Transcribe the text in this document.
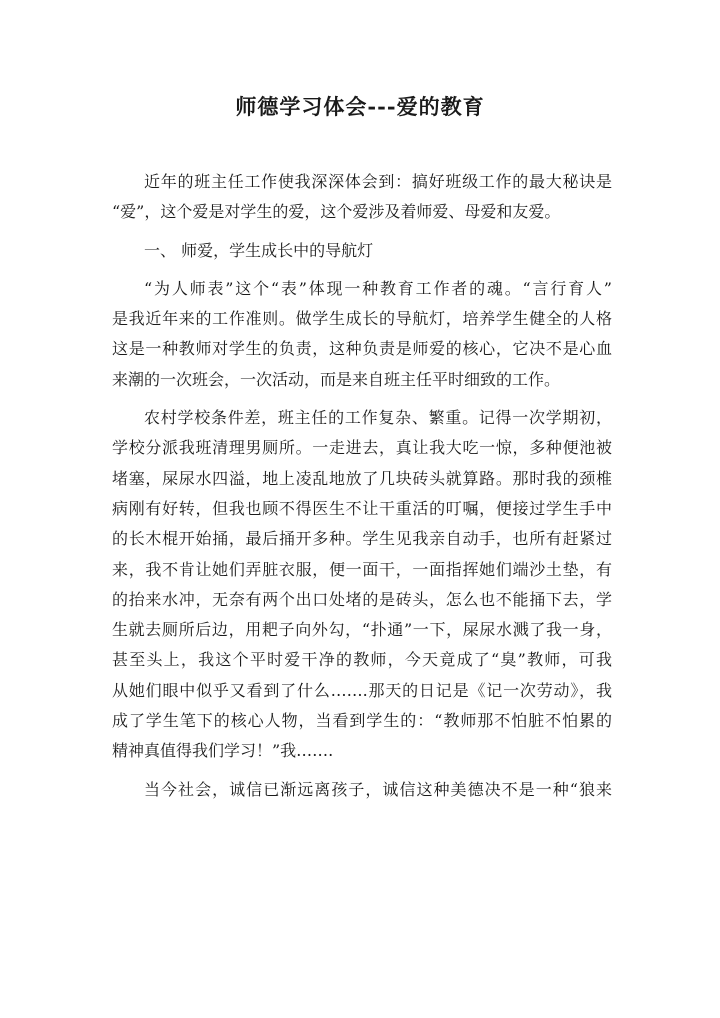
师德学习体会---爱的教育
近年的班主任工作使我深深体会到：搞好班级工作的最大秘诀是
“爱”，这个爱是对学生的爱，这个爱涉及着师爱、母爱和友爱。
一、 师爱，学生成长中的导航灯
“为人师表”这个“表”体现一种教育工作者的魂。“言行育人”
是我近年来的工作准则。做学生成长的导航灯，培养学生健全的人格
这是一种教师对学生的负责，这种负责是师爱的核心，它决不是心血
来潮的一次班会，一次活动，而是来自班主任平时细致的工作。
农村学校条件差，班主任的工作复杂、繁重。记得一次学期初，
学校分派我班清理男厕所。一走进去，真让我大吃一惊，多种便池被
堵塞，屎尿水四溢，地上凌乱地放了几块砖头就算路。那时我的颈椎
病刚有好转，但我也顾不得医生不让干重活的叮嘱，便接过学生手中
的长木棍开始捅，最后捅开多种。学生见我亲自动手，也所有赶紧过
来，我不肯让她们弄脏衣服，便一面干，一面指挥她们端沙土垫，有
的抬来水冲，无奈有两个出口处堵的是砖头，怎么也不能捅下去，学
生就去厕所后边，用耙子向外勾，“扑通”一下，屎尿水溅了我一身，
甚至头上，我这个平时爱干净的教师，今天竟成了“臭”教师，可我
从她们眼中似乎又看到了什么…….那天的日记是《记一次劳动》，我
成了学生笔下的核心人物，当看到学生的：“教师那不怕脏不怕累的
精神真值得我们学习！”我…….
当今社会，诚信已渐远离孩子，诚信这种美德决不是一种“狼来
